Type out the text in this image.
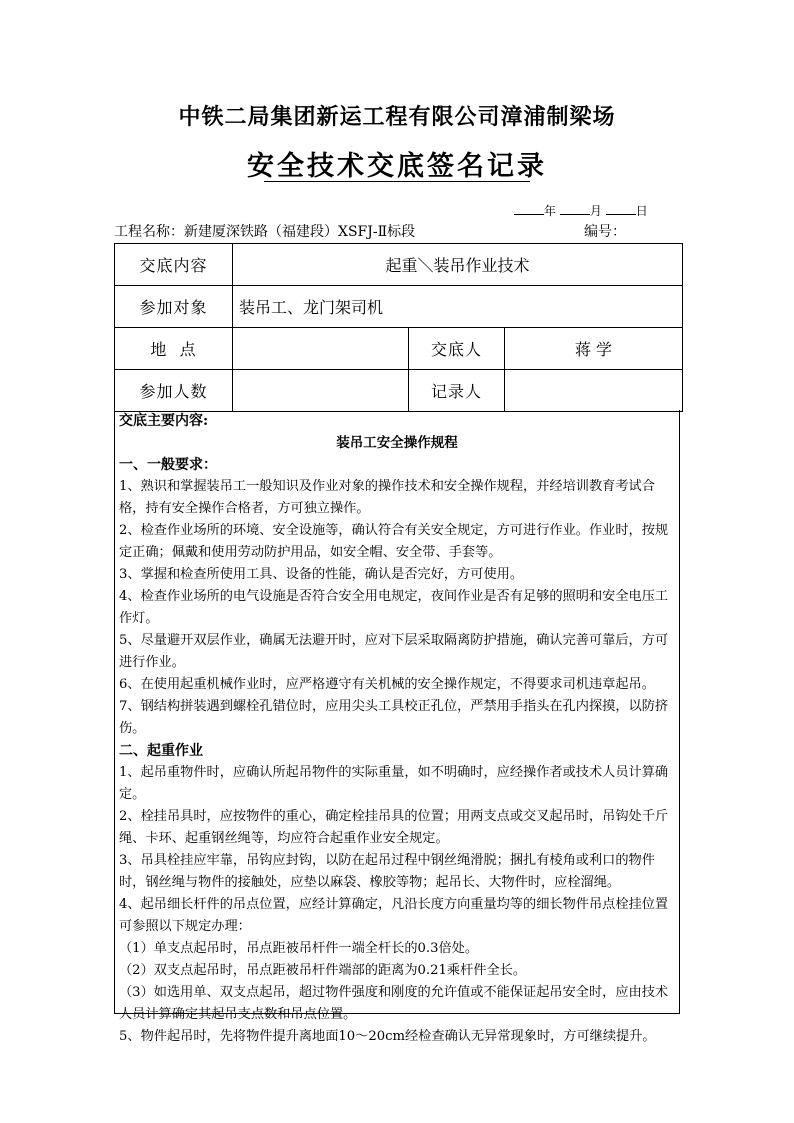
中铁二局集团新运工程有限公司漳浦制梁场
安全技术交底签名记录
年	月	日
工程名称：新建厦深铁路（福建段）XSFJ-Ⅱ标段	编号：
交底内容	起重＼装吊作业技术		
参加对象	装吊工、龙门架司机		
地  点		交底人	蒋 学
参加人数		记录人	

交底主要内容:

装吊工安全操作规程

一、一般要求：

1、熟识和掌握装吊工一般知识及作业对象的操作技术和安全操作规程，并经培训教育考试合格，持有安全操作合格者，方可独立操作。

2、检查作业场所的环境、安全设施等，确认符合有关安全规定，方可进行作业。作业时，按规定正确；佩戴和使用劳动防护用品，如安全帽、安全带、手套等。

3、掌握和检查所使用工具、设备的性能，确认是否完好，方可使用。

4、检查作业场所的电气设施是否符合安全用电规定，夜间作业是否有足够的照明和安全电压工作灯。

5、尽量避开双层作业，确属无法避开时，应对下层采取隔离防护措施，确认完善可靠后，方可进行作业。

6、在使用起重机械作业时，应严格遵守有关机械的安全操作规定，不得要求司机违章起吊。

7、钢结构拼装遇到螺栓孔错位时，应用尖头工具校正孔位，严禁用手指头在孔内探摸，以防挤伤。

二、起重作业

1、起吊重物件时，应确认所起吊物件的实际重量，如不明确时，应经操作者或技术人员计算确定。

2、栓挂吊具时，应按物件的重心，确定栓挂吊具的位置；用两支点或交叉起吊时，吊钩处千斤绳、卡环、起重钢丝绳等，均应符合起重作业安全规定。

3、吊具栓挂应牢靠，吊钩应封钩，以防在起吊过程中钢丝绳滑脱；捆扎有棱角或利口的物件时，钢丝绳与物件的接触处，应垫以麻袋、橡胶等物；起吊长、大物件时，应栓溜绳。

4、起吊细长杆件的吊点位置，应经计算确定，凡沿长度方向重量均等的细长物件吊点栓挂位置可参照以下规定办理：

（1）单支点起吊时，吊点距被吊杆件一端全杆长的0.3倍处。

（2）双支点起吊时，吊点距被吊杆件端部的距离为0.21乘杆件全长。

（3）如选用单、双支点起吊，超过物件强度和刚度的允许值或不能保证起吊安全时，应由技术人员计算确定其起吊支点数和吊点位置。

5、物件起吊时，先将物件提升离地面10～20cm经检查确认无异常现象时，方可继续提升。
